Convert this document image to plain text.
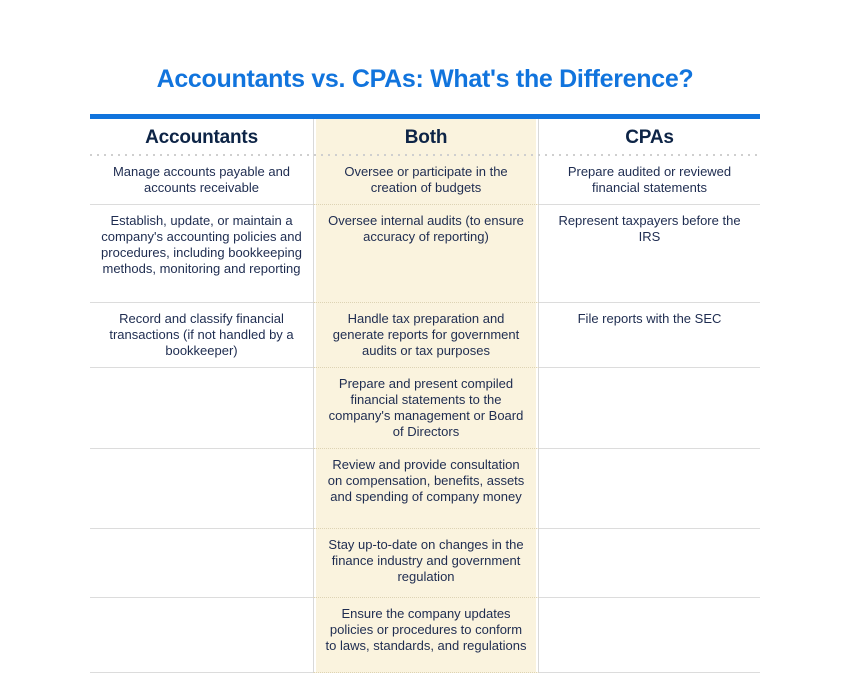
Accountants vs. CPAs: What's the Difference?
Accountants	Both	CPAs
Manage accounts payable and accounts receivable
Oversee or participate in the creation of budgets
Prepare audited or reviewed financial statements
Establish, update, or maintain a company's accounting policies and procedures, including bookkeeping methods, monitoring and reporting
Oversee internal audits (to ensure accuracy of reporting)
Represent taxpayers before the IRS
Record and classify financial transactions (if not handled by a bookkeeper)
Handle tax preparation and generate reports for government audits or tax purposes
File reports with the SEC
Prepare and present compiled financial statements to the company's management or Board of Directors
Review and provide consultation on compensation, benefits, assets and spending of company money
Stay up-to-date on changes in the finance industry and government regulation
Ensure the company updates policies or procedures to conform to laws, standards, and regulations
